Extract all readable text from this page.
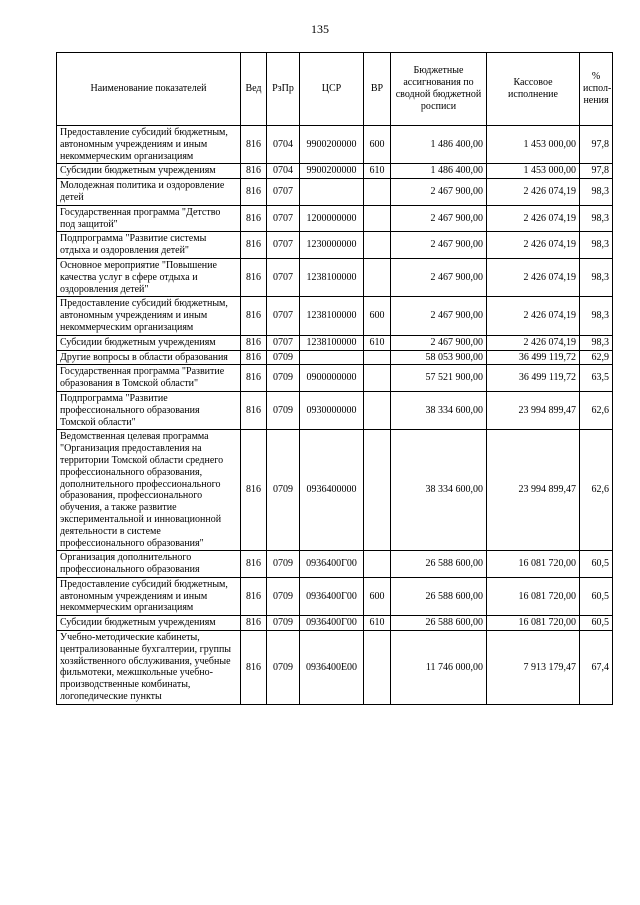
135
Наименование показателей	Вед	РзПр	ЦСР	ВР	Бюджетные ассигнования по сводной бюджетной росписи	Кассовое исполнение	% испол-нения
Предоставление субсидий бюджетным, автономным учреждениям и иным некоммерческим организациям	816	0704	9900200000	600	1 486 400,00	1 453 000,00	97,8
Субсидии бюджетным учреждениям	816	0704	9900200000	610	1 486 400,00	1 453 000,00	97,8
Молодежная политика и оздоровление детей	816	0707			2 467 900,00	2 426 074,19	98,3
Государственная программа "Детство под защитой"	816	0707	1200000000		2 467 900,00	2 426 074,19	98,3
Подпрограмма "Развитие системы отдыха и оздоровления детей"	816	0707	1230000000		2 467 900,00	2 426 074,19	98,3
Основное мероприятие "Повышение качества услуг в сфере отдыха и оздоровления детей"	816	0707	1238100000		2 467 900,00	2 426 074,19	98,3
Предоставление субсидий бюджетным, автономным учреждениям и иным некоммерческим организациям	816	0707	1238100000	600	2 467 900,00	2 426 074,19	98,3
Субсидии бюджетным учреждениям	816	0707	1238100000	610	2 467 900,00	2 426 074,19	98,3
Другие вопросы в области образования	816	0709			58 053 900,00	36 499 119,72	62,9
Государственная программа "Развитие образования в Томской области"	816	0709	0900000000		57 521 900,00	36 499 119,72	63,5
Подпрограмма "Развитие профессионального образования Томской области"	816	0709	0930000000		38 334 600,00	23 994 899,47	62,6
Ведомственная целевая программа "Организация предоставления на территории Томской области среднего профессионального образования, дополнительного профессионального образования, профессионального обучения, а также развитие экспериментальной и инновационной деятельности в системе профессионального образования"	816	0709	0936400000		38 334 600,00	23 994 899,47	62,6
Организация дополнительного профессионального образования	816	0709	0936400Г00		26 588 600,00	16 081 720,00	60,5
Предоставление субсидий бюджетным, автономным учреждениям и иным некоммерческим организациям	816	0709	0936400Г00	600	26 588 600,00	16 081 720,00	60,5
Субсидии бюджетным учреждениям	816	0709	0936400Г00	610	26 588 600,00	16 081 720,00	60,5
Учебно-методические кабинеты, централизованные бухгалтерии, группы хозяйственного обслуживания, учебные фильмотеки, межшкольные учебно-производственные комбинаты, логопедические пункты	816	0709	0936400Е00		11 746 000,00	7 913 179,47	67,4
